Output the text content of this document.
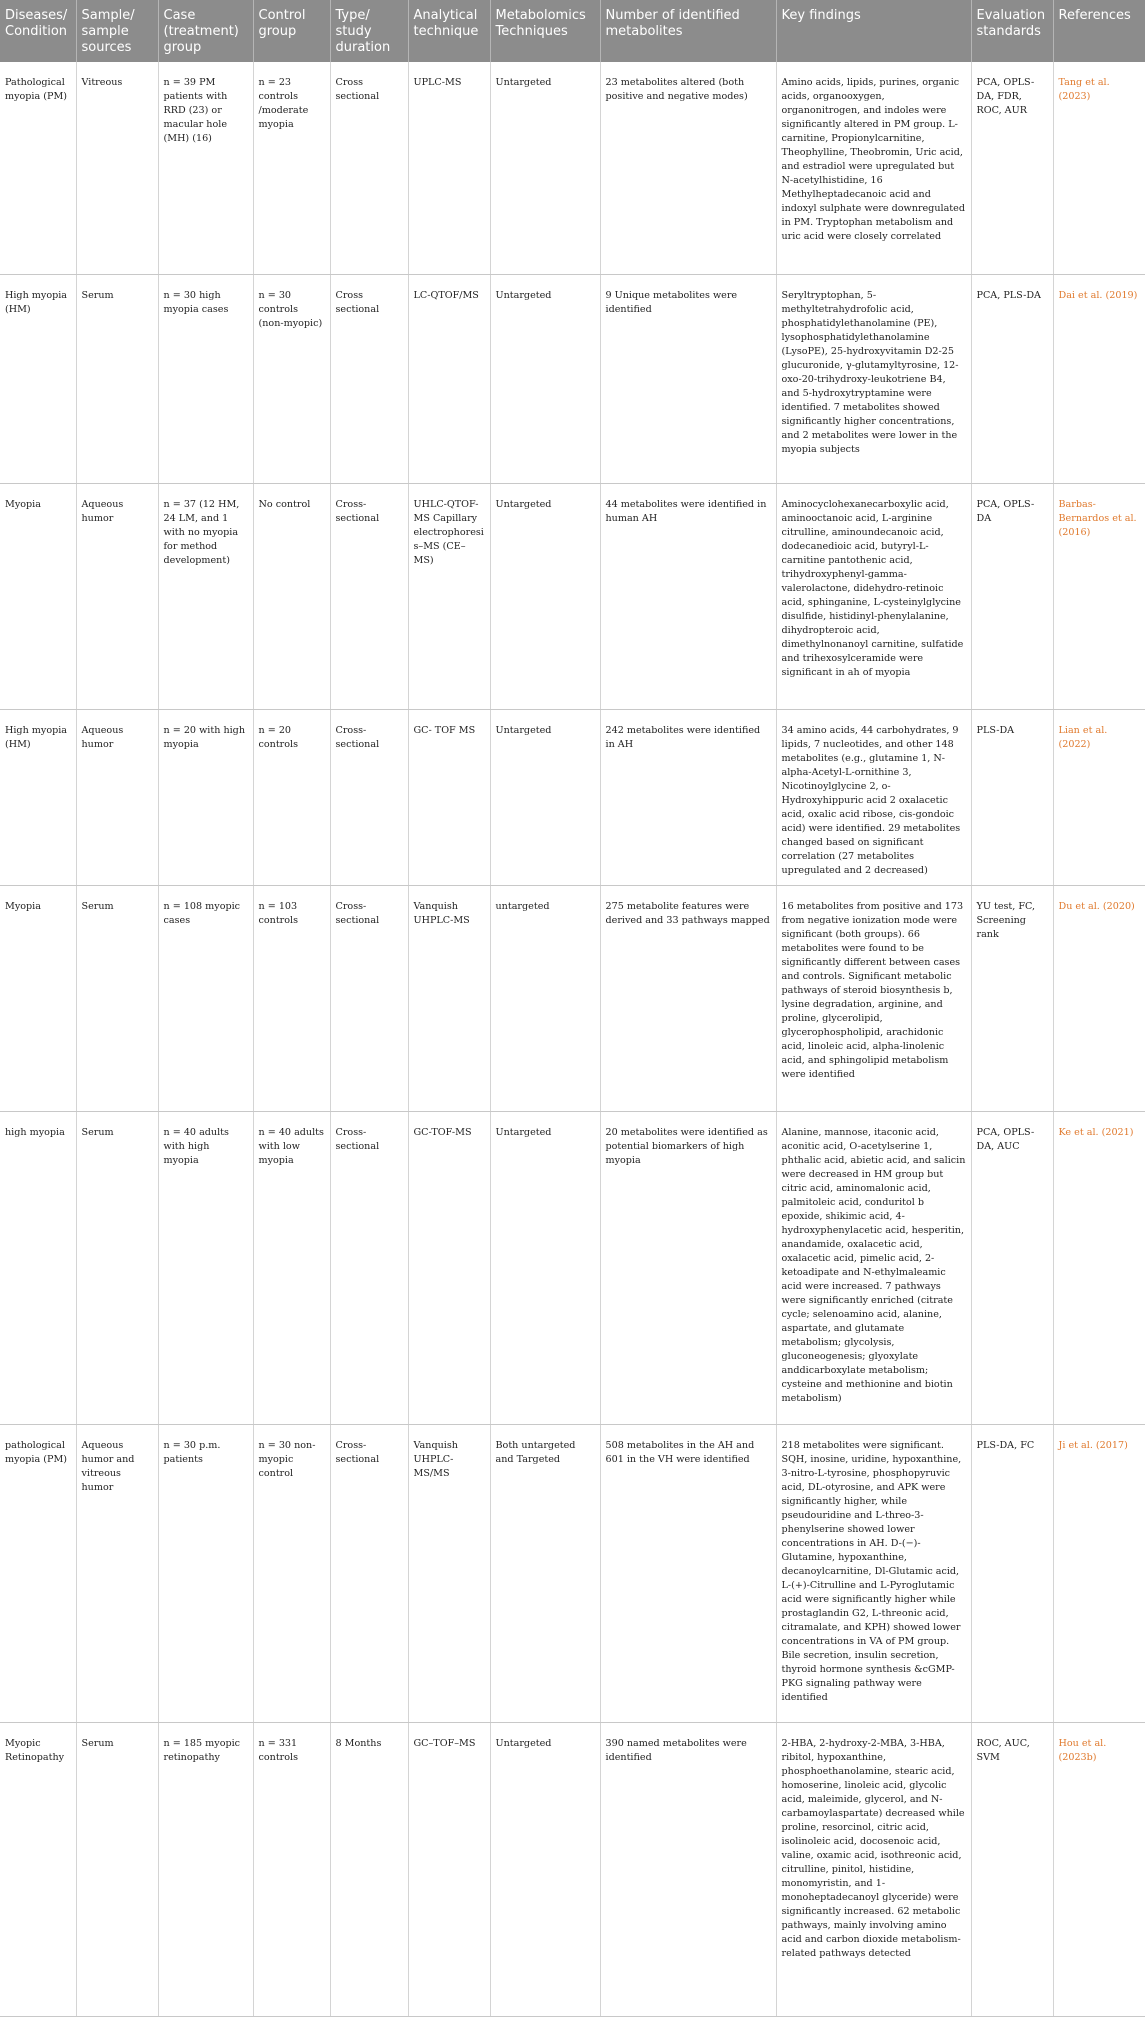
Diseases/ Condition	Sample/ sample sources	Case (treatment) group	Control group	Type/ study duration	Analytical technique	Metabolomics Techniques	Number of identified metabolites	Key findings	Evaluation standards	References
Pathological myopia (PM)	Vitreous	n = 39 PM patients with RRD (23) or macular hole (MH) (16)	n = 23 controls /moderate myopia	Cross sectional	UPLC-MS	Untargeted	23 metabolites altered (both positive and negative modes)	Amino acids, lipids, purines, organic acids, organooxygen, organonitrogen, and indoles were significantly altered in PM group. L- carnitine, Propionylcarnitine, Theophylline, Theobromin, Uric acid, and estradiol were upregulated but N-acetylhistidine, 16 Methylheptadecanoic acid and indoxyl sulphate were downregulated in PM. Tryptophan metabolism and uric acid were closely correlated	PCA, OPLS-DA, FDR, ROC, AUR	Tang et al. (2023)
High myopia (HM)	Serum	n = 30 high myopia cases	n = 30 controls (non-myopic)	Cross sectional	LC-QTOF/MS	Untargeted	9 Unique metabolites were identified	Seryltryptophan, 5-methyltetrahydrofolic acid, phosphatidylethanolamine (PE), lysophosphatidylethanolamine (LysoPE), 25-hydroxyvitamin D2-25 glucuronide, γ-glutamyltyrosine, 12-oxo-20-trihydroxy-leukotriene B4, and 5-hydroxytryptamine were identified. 7 metabolites showed significantly higher concentrations, and 2 metabolites were lower in the myopia subjects	PCA, PLS-DA	Dai et al. (2019)
Myopia	Aqueous humor	n = 37 (12 HM, 24 LM, and 1 with no myopia for method development)	No control	Cross-sectional	UHLC-QTOF-MS Capillary electrophoresis–MS (CE–MS)	Untargeted	44 metabolites were identified in human AH	Aminocyclohexanecarboxylic acid, aminooctanoic acid, L-arginine citrulline, aminoundecanoic acid, dodecanedioic acid, butyryl-L-carnitine pantothenic acid, trihydroxyphenyl-gamma-valerolactone, didehydro-retinoic acid, sphinganine, L-cysteinylglycine disulfide, histidinyl-phenylalanine, dihydropteroic acid, dimethylnonanoyl carnitine, sulfatide and trihexosylceramide were significant in ah of myopia	PCA, OPLS-DA	Barbas-Bernardos et al. (2016)
High myopia (HM)	Aqueous humor	n = 20 with high myopia	n = 20 controls	Cross-sectional	GC- TOF MS	Untargeted	242 metabolites were identified in AH	34 amino acids, 44 carbohydrates, 9 lipids, 7 nucleotides, and other 148 metabolites (e.g., glutamine 1, N-alpha-Acetyl-L-ornithine 3, Nicotinoylglycine 2, o-Hydroxyhippuric acid 2 oxalacetic acid, oxalic acid ribose, cis-gondoic acid) were identified. 29 metabolites changed based on significant correlation (27 metabolites upregulated and 2 decreased)	PLS-DA	Lian et al. (2022)
Myopia	Serum	n = 108 myopic cases	n = 103 controls	Cross-sectional	Vanquish UHPLC-MS	untargeted	275 metabolite features were derived and 33 pathways mapped	16 metabolites from positive and 173 from negative ionization mode were significant (both groups). 66 metabolites were found to be significantly different between cases and controls. Significant metabolic pathways of steroid biosynthesis b, lysine degradation, arginine, and proline, glycerolipid, glycerophospholipid, arachidonic acid, linoleic acid, alpha-linolenic acid, and sphingolipid metabolism were identified	YU test, FC, Screening rank	Du et al. (2020)
high myopia	Serum	n = 40 adults with high myopia	n = 40 adults with low myopia	Cross-sectional	GC-TOF-MS	Untargeted	20 metabolites were identified as potential biomarkers of high myopia	Alanine, mannose, itaconic acid, aconitic acid, O-acetylserine 1, phthalic acid, abietic acid, and salicin were decreased in HM group but citric acid, aminomalonic acid, palmitoleic acid, conduritol b epoxide, shikimic acid, 4-hydroxyphenylacetic acid, hesperitin, anandamide, oxalacetic acid, oxalacetic acid, pimelic acid, 2-ketoadipate and N-ethylmaleamic acid were increased. 7 pathways were significantly enriched (citrate cycle; selenoamino acid, alanine, aspartate, and glutamate metabolism; glycolysis, gluconeogenesis; glyoxylate anddicarboxylate metabolism; cysteine and methionine and biotin metabolism)	PCA, OPLS-DA, AUC	Ke et al. (2021)
pathological myopia (PM)	Aqueous humor and vitreous humor	n = 30 p.m. patients	n = 30 non-myopic control	Cross-sectional	Vanquish UHPLC-MS/MS	Both untargeted and Targeted	508 metabolites in the AH and 601 in the VH were identified	218 metabolites were significant. SQH, inosine, uridine, hypoxanthine, 3-nitro-L-tyrosine, phosphopyruvic acid, DL-otyrosine, and APK were significantly higher, while pseudouridine and L-threo-3-phenylserine showed lower concentrations in AH. D-(−)-Glutamine, hypoxanthine, decanoylcarnitine, Dl-Glutamic acid, L-(+)-Citrulline and L-Pyroglutamic acid were significantly higher while prostaglandin G2, L-threonic acid, citramalate, and KPH) showed lower concentrations in VA of PM group. Bile secretion, insulin secretion, thyroid hormone synthesis &cGMP-PKG signaling pathway were identified	PLS-DA, FC	Ji et al. (2017)
Myopic Retinopathy	Serum	n = 185 myopic retinopathy	n = 331 controls	8 Months	GC–TOF–MS	Untargeted	390 named metabolites were identified	2-HBA, 2-hydroxy-2-MBA, 3-HBA, ribitol, hypoxanthine, phosphoethanolamine, stearic acid, homoserine, linoleic acid, glycolic acid, maleimide, glycerol, and N-carbamoylaspartate) decreased while proline, resorcinol, citric acid, isolinoleic acid, docosenoic acid, valine, oxamic acid, isothreonic acid, citrulline, pinitol, histidine, monomyristin, and 1-monoheptadecanoyl glyceride) were significantly increased. 62 metabolic pathways, mainly involving amino acid and carbon dioxide metabolism-related pathways detected	ROC, AUC, SVM	Hou et al. (2023b)
